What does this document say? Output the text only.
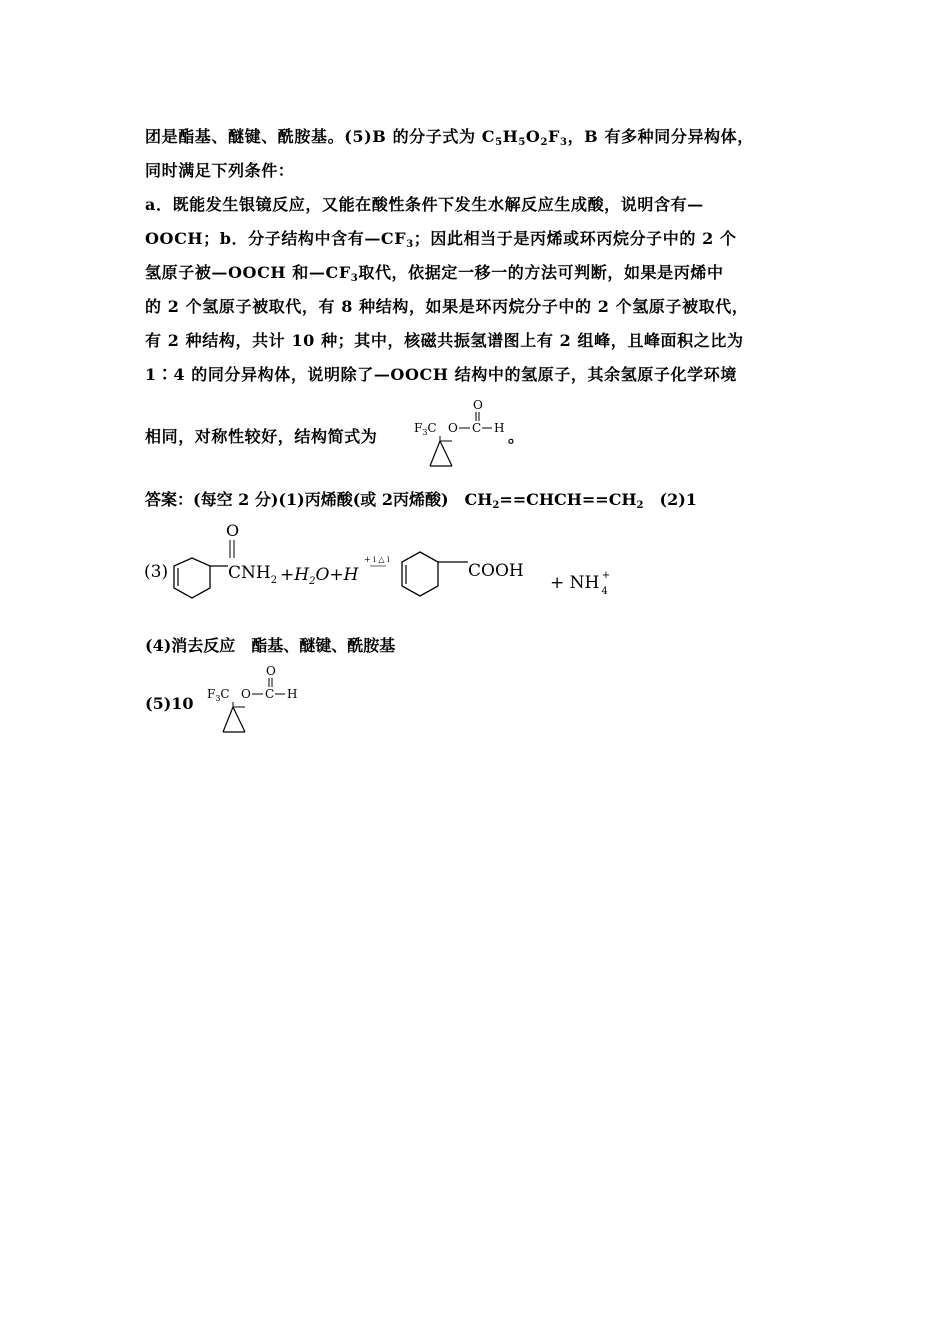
团是酯基、醚键、酰胺基。(5)B 的分子式为 $C_5H_5O_2F_3$，B 有多种同分异构体，
同时满足下列条件：
a．既能发生银镜反应，又能在酸性条件下发生水解反应生成酸，说明含有—
OOCH；b．分子结构中含有$—CF_3$；因此相当于是丙烯或环丙烷分子中的 2 个
氢原子被—OOCH 和$—CF_3$取代，依据定一移一的方法可判断，如果是丙烯中
的 2 个氢原子被取代，有 8 种结构，如果是环丙烷分子中的 2 个氢原子被取代，
有 2 种结构，共计 10 种；其中，核磁共振氢谱图上有 2 组峰，且峰面积之比为
1∶4 的同分异构体，说明除了—OOCH 结构中的氢原子，其余氢原子化学环境
相同，对称性较好，结构简式为	。
$F_3C$ O C
O
H
答案：(每空 2 分)(1)丙烯酸(或 2丙烯酸)　$CH_2==CHCH==CH_2$　(2)1
(3)
O
$CNH_2 +H_2O+H$
+ i △ i
COOH
+ NH $_4$+
(4)消去反应　酯基、醚键、酰胺基
(5)10 $F_3C$ O C
O
H
